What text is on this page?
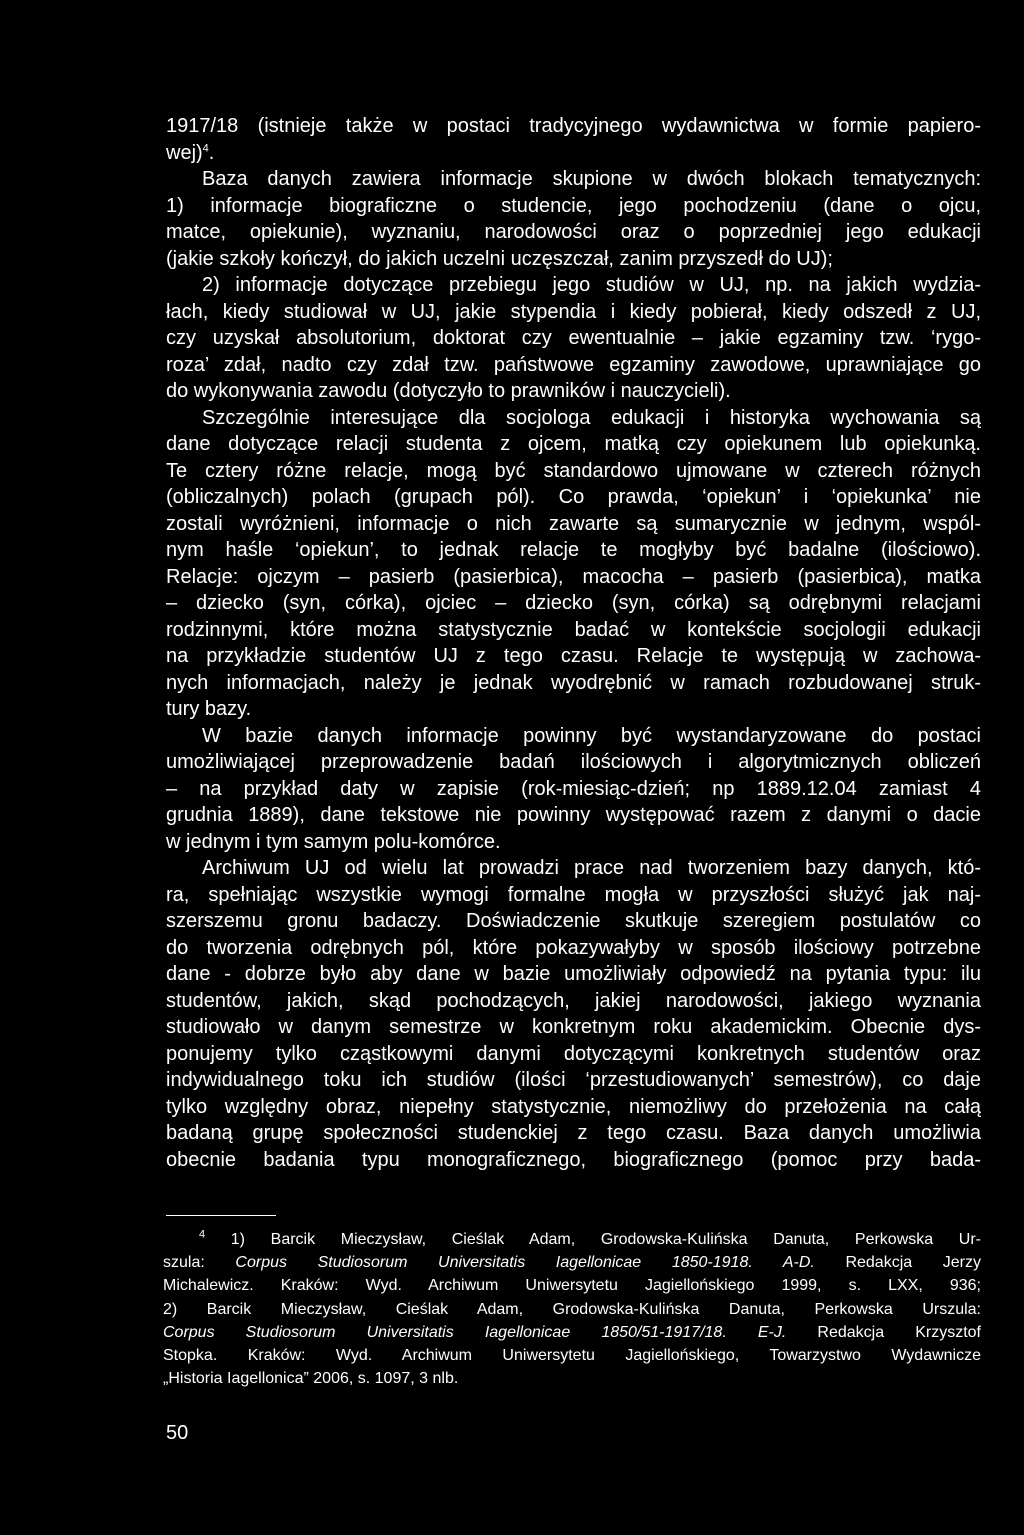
1917/18 (istnieje także w postaci tradycyjnego wydawnictwa w formie papiero-
wej)$^4$.
Baza danych zawiera informacje skupione w dwóch blokach tematycznych:
1) informacje biograficzne o studencie, jego pochodzeniu (dane o ojcu,
matce, opiekunie), wyznaniu, narodowości oraz o poprzedniej jego edukacji
(jakie szkoły kończył, do jakich uczelni uczęszczał, zanim przyszedł do UJ);
2) informacje dotyczące przebiegu jego studiów w UJ, np. na jakich wydzia-
łach, kiedy studiował w UJ, jakie stypendia i kiedy pobierał, kiedy odszedł z UJ,
czy uzyskał absolutorium, doktorat czy ewentualnie – jakie egzaminy tzw. ‘rygo-
roza’ zdał, nadto czy zdał tzw. państwowe egzaminy zawodowe, uprawniające go
do wykonywania zawodu (dotyczyło to prawników i nauczycieli).
Szczególnie interesujące dla socjologa edukacji i historyka wychowania są
dane dotyczące relacji studenta z ojcem, matką czy opiekunem lub opiekunką.
Te cztery różne relacje, mogą być standardowo ujmowane w czterech różnych
(obliczalnych) polach (grupach pól). Co prawda, ‘opiekun’ i ‘opiekunka’ nie
zostali wyróżnieni, informacje o nich zawarte są sumarycznie w jednym, wspól-
nym haśle ‘opiekun’, to jednak relacje te mogłyby być badalne (ilościowo).
Relacje: ojczym – pasierb (pasierbica), macocha – pasierb (pasierbica), matka
– dziecko (syn, córka), ojciec – dziecko (syn, córka) są odrębnymi relacjami
rodzinnymi, które można statystycznie badać w kontekście socjologii edukacji
na przykładzie studentów UJ z tego czasu. Relacje te występują w zachowa-
nych informacjach, należy je jednak wyodrębnić w ramach rozbudowanej struk-
tury bazy.
W bazie danych informacje powinny być wystandaryzowane do postaci
umożliwiającej przeprowadzenie badań ilościowych i algorytmicznych obliczeń
– na przykład daty w zapisie (rok-miesiąc-dzień; np 1889.12.04 zamiast 4
grudnia 1889), dane tekstowe nie powinny występować razem z danymi o dacie
w jednym i tym samym polu-komórce.
Archiwum UJ od wielu lat prowadzi prace nad tworzeniem bazy danych, któ-
ra, spełniając wszystkie wymogi formalne mogła w przyszłości służyć jak naj-
szerszemu gronu badaczy. Doświadczenie skutkuje szeregiem postulatów co
do tworzenia odrębnych pól, które pokazywałyby w sposób ilościowy potrzebne
dane - dobrze było aby dane w bazie umożliwiały odpowiedź na pytania typu: ilu
studentów, jakich, skąd pochodzących, jakiej narodowości, jakiego wyznania
studiowało w danym semestrze w konkretnym roku akademickim. Obecnie dys-
ponujemy tylko cząstkowymi danymi dotyczącymi konkretnych studentów oraz
indywidualnego toku ich studiów (ilości ‘przestudiowanych’ semestrów), co daje
tylko względny obraz, niepełny statystycznie, niemożliwy do przełożenia na całą
badaną grupę społeczności studenckiej z tego czasu. Baza danych umożliwia
obecnie badania typu monograficznego, biograficznego (pomoc przy bada-
$^4$ 1) Barcik Mieczysław, Cieślak Adam, Grodowska-Kulińska Danuta, Perkowska Ur-
szula: Corpus Studiosorum Universitatis Iagellonicae 1850-1918. A-D. Redakcja Jerzy
Michalewicz. Kraków: Wyd. Archiwum Uniwersytetu Jagiellońskiego 1999, s. LXX, 936;
2) Barcik Mieczysław, Cieślak Adam, Grodowska-Kulińska Danuta, Perkowska Urszula:
Corpus Studiosorum Universitatis Iagellonicae 1850/51-1917/18. E-J. Redakcja Krzysztof
Stopka. Kraków: Wyd. Archiwum Uniwersytetu Jagiellońskiego, Towarzystwo Wydawnicze
„Historia Iagellonica” 2006, s. 1097, 3 nlb.
50
